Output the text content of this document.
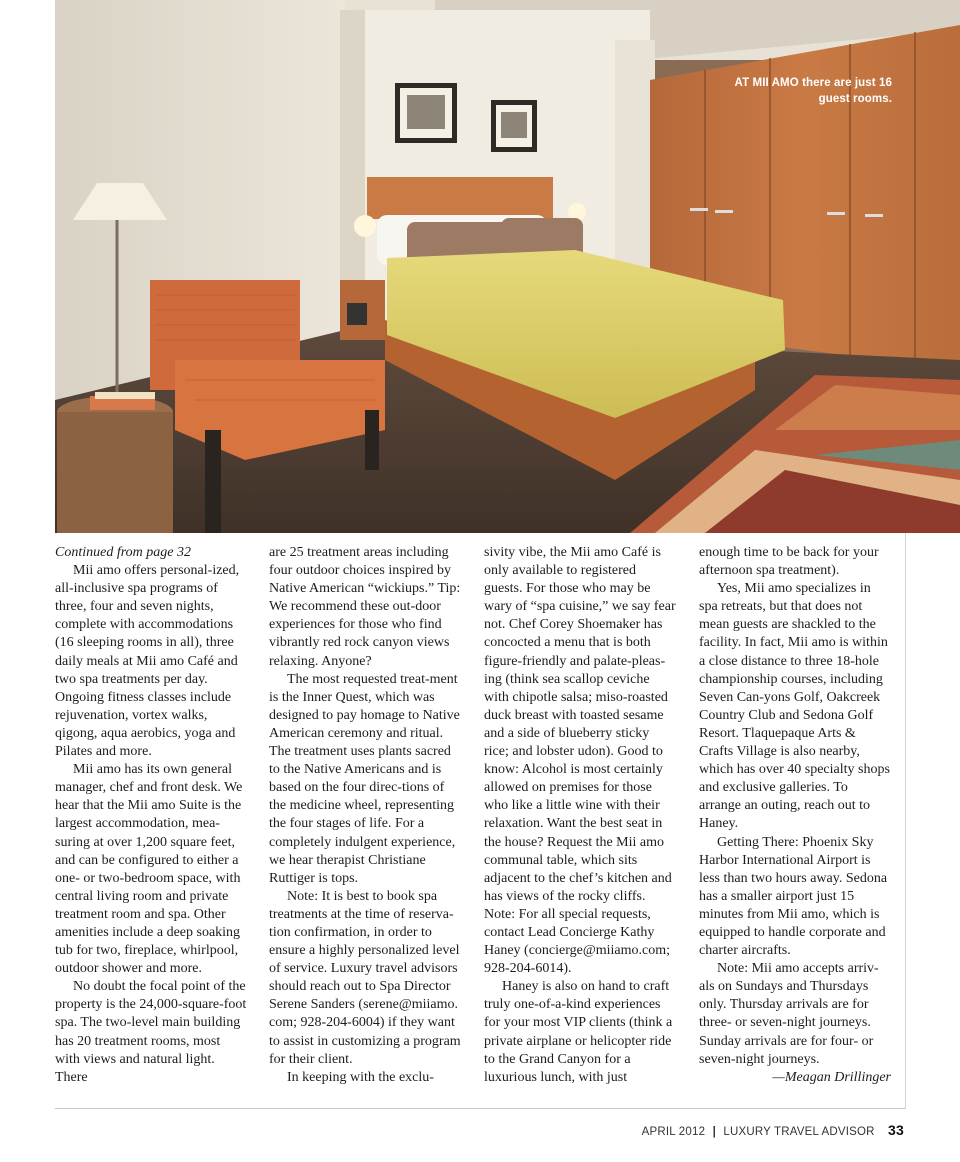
AT MII AMO there are just 16 guest rooms.

Continued from page 32

Mii amo offers personal-ized, all-inclusive spa programs of three, four and seven nights, complete with accommodations (16 sleeping rooms in all), three daily meals at Mii amo Café and two spa treatments per day. Ongoing fitness classes include rejuvenation, vortex walks, qigong, aqua aerobics, yoga and Pilates and more.

Mii amo has its own general manager, chef and front desk. We hear that the Mii amo Suite is the largest accommodation, mea-suring at over 1,200 square feet, and can be configured to either a one- or two-bedroom space, with central living room and private treatment room and spa. Other amenities include a deep soaking tub for two, fireplace, whirlpool, outdoor shower and more.

No doubt the focal point of the property is the 24,000-square-foot spa. The two-level main building has 20 treatment rooms, most with views and natural light. There

are 25 treatment areas including four outdoor choices inspired by Native American “wickiups.” Tip: We recommend these out-door experiences for those who find vibrantly red rock canyon views relaxing. Anyone?

The most requested treat-ment is the Inner Quest, which was designed to pay homage to Native American ceremony and ritual. The treatment uses plants sacred to the Native Americans and is based on the four direc-tions of the medicine wheel, representing the four stages of life. For a completely indulgent experience, we hear therapist Christiane Ruttiger is tops.

Note: It is best to book spa treatments at the time of reserva-tion confirmation, in order to ensure a highly personalized level of service. Luxury travel advisors should reach out to Spa Director Serene Sanders (serene@miiamo. com; 928-204-6004) if they want to assist in customizing a program for their client.

In keeping with the exclu-

sivity vibe, the Mii amo Café is only available to registered guests. For those who may be wary of “spa cuisine,” we say fear not. Chef Corey Shoemaker has concocted a menu that is both figure-friendly and palate-pleas-ing (think sea scallop ceviche with chipotle salsa; miso-roasted duck breast with toasted sesame and a side of blueberry sticky rice; and lobster udon). Good to know: Alcohol is most certainly allowed on premises for those who like a little wine with their relaxation. Want the best seat in the house? Request the Mii amo communal table, which sits adjacent to the chef’s kitchen and has views of the rocky cliffs. Note: For all special requests, contact Lead Concierge Kathy Haney (concierge@miiamo.com; 928-204-6014).

Haney is also on hand to craft truly one-of-a-kind experiences for your most VIP clients (think a private airplane or helicopter ride to the Grand Canyon for a luxurious lunch, with just

enough time to be back for your afternoon spa treatment).

Yes, Mii amo specializes in spa retreats, but that does not mean guests are shackled to the facility. In fact, Mii amo is within a close distance to three 18-hole championship courses, including Seven Can-yons Golf, Oakcreek Country Club and Sedona Golf Resort. Tlaquepaque Arts & Crafts Village is also nearby, which has over 40 specialty shops and exclusive galleries. To arrange an outing, reach out to Haney.

Getting There: Phoenix Sky Harbor International Airport is less than two hours away. Sedona has a smaller airport just 15 minutes from Mii amo, which is equipped to handle corporate and charter aircrafts.

Note: Mii amo accepts arriv-als on Sundays and Thursdays only. Thursday arrivals are for three- or seven-night journeys. Sunday arrivals are for four- or seven-night journeys.

—Meagan Drillinger

APRIL 2012 | LUXURY TRAVEL ADVISOR 33
